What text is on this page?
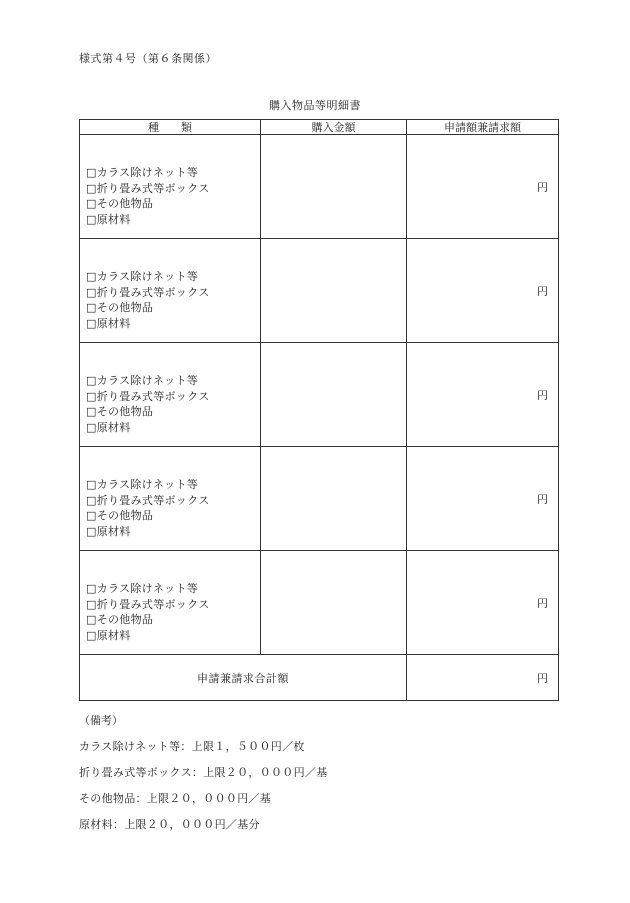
様式第４号（第６条関係）
購入物品等明細書
種　　類	購入金額	申請額兼請求額

□カラス除けネット等
□折り畳み式等ボックス
□その他物品
□原材料		円

□カラス除けネット等
□折り畳み式等ボックス
□その他物品
□原材料		円

□カラス除けネット等
□折り畳み式等ボックス
□その他物品
□原材料		円

□カラス除けネット等
□折り畳み式等ボックス
□その他物品
□原材料		円

□カラス除けネット等
□折り畳み式等ボックス
□その他物品
□原材料		円
申請兼請求合計額		円
（備考）
カラス除けネット等：上限１，５００円／枚
折り畳み式等ボックス：上限２０，０００円／基
その他物品：上限２０，０００円／基
原材料：上限２０，０００円／基分
